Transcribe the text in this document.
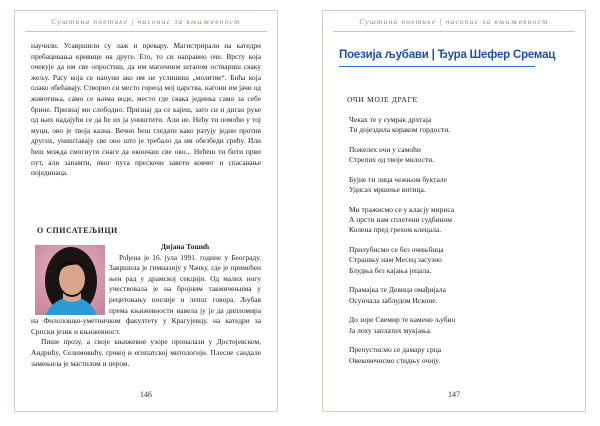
Суштина поетике | часопис за књижевност

научили. Усавршили су лаж и превару. Магистрирали на катедри пребацивања кривице на друге. Ето, то си направио оче. Врсту која очекује да им све опростиш, да им магичним штапом оствариш сваку жељу. Расу која се напуни ако им не услишиш „молитве“. Бића која олако обећавају. Створио си место гореод мој царства, нагони им јачи од животиња, само се њима воде, место где свака јединка само за себе брине. Признај ми слободно. Признај да се кајеш, зато си и дигао руке од њих надајући се да ће их ја уништити. Али не. Нећу ти помоћи у тој муци, ово је твоја казна. Вечно ћеш гледати како ратују једни против других, уништавају све оно што је требало да им обезбеди срећу. Или ћеш можда смогнути снаге да окончаш све ово... Нећеш ти бити први пут, али запамти, овог пута прескочи завети ковчег и спасавање појединаца.

О СПИСАТЕЉИЦИ
Дијана Тошић

Рођена је 16. јула 1991. године у Београду. Завршила је гимназију у Чачку, где је примећен њен рад у драмској секцији. Од малих ногу учествовала је на бројним такмичењима у рецитовању поезије и лепог говора. Љубав према књижевности навела ју је да дипломира на Филолошко-уметничком факултету у Крагујевцу, на катедри за Српски језик и књижевност.

Пише прозу, а своје књижевне узоре проналази у Достојевском, Андрићу, Селимовићу, грчкој и египатској митологији. Плесне сандале замењила је мастилом и пером.

146
Суштина поетике | часопис за књижевност
Поезија љубави | Ђура Шефер Сремац
ОЧИ МОЈЕ ДРАГЕ
Чеках те у сумрак дрхтаја
Ти дојездила кораком гордости.
Пожелех очи у самоћи
Стрепих од твоје милости.
Бујне ти лица чежњом буктале
Удисах мршење витица.
Ми тражисмо се у класју мириса
А прсти нам сплетени судбином
Колена пред грехом клецала.
Прилубисмо се без очињбица
Страшњу нам Месец засузио
Блудња без кајања јецала.
Прамајка те Девица омађијала
Осунчала заблудом Исконе.
До зоре Свемир те камено љубио
Ја лоху заплатих мукјања.
Препустисмо се дамару срца
Овековечисмо стидњу очију.
147
